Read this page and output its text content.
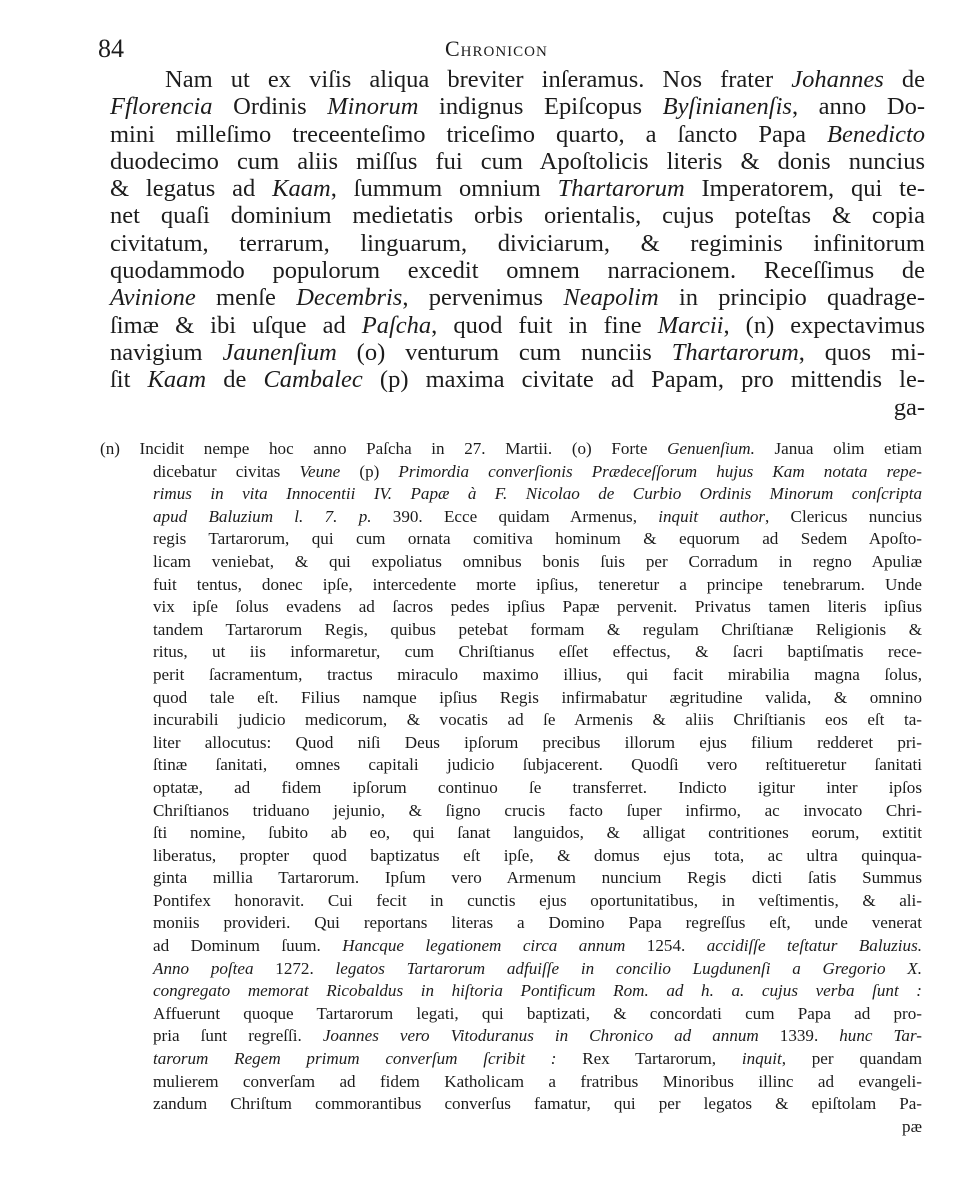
84	Chronicon
Nam ut ex viſis aliqua breviter inſeramus. Nos frater Johannes de
Fflorencia Ordinis Minorum indignus Epiſcopus Byſinianenſis, anno Do-
mini milleſimo treceenteſimo triceſimo quarto, a ſancto Papa Benedicto
duodecimo cum aliis miſſus fui cum Apoſtolicis literis & donis nuncius
& legatus ad Kaam, ſummum omnium Thartarorum Imperatorem, qui te-
net quaſi dominium medietatis orbis orientalis, cujus poteſtas & copia
civitatum, terrarum, linguarum, diviciarum, & regiminis infinitorum
quodammodo populorum excedit omnem narracionem. Receſſimus de
Avinione menſe Decembris, pervenimus Neapolim in principio quadrage-
ſimæ & ibi uſque ad Paſcha, quod fuit in fine Marcii, (n) expectavimus
navigium Jaunenſium (o) venturum cum nunciis Thartarorum, quos mi-
ſit Kaam de Cambalec (p) maxima civitate ad Papam, pro mittendis le-
ga-
(n) Incidit nempe hoc anno Paſcha in 27. Martii. (o) Forte Genuenſium. Janua olim etiam
dicebatur civitas Veune (p) Primordia converſionis Prædeceſſorum hujus Kam notata repe-
rimus in vita Innocentii IV. Papæ à F. Nicolao de Curbio Ordinis Minorum conſcripta
apud Baluzium l. 7. p. 390. Ecce quidam Armenus, inquit author, Clericus nuncius
regis Tartarorum, qui cum ornata comitiva hominum & equorum ad Sedem Apoſto-
licam veniebat, & qui expoliatus omnibus bonis ſuis per Corradum in regno Apuliæ
fuit tentus, donec ipſe, intercedente morte ipſius, teneretur a principe tenebrarum. Unde
vix ipſe ſolus evadens ad ſacros pedes ipſius Papæ pervenit. Privatus tamen literis ipſius
tandem Tartarorum Regis, quibus petebat formam & regulam Chriſtianæ Religionis &
ritus, ut iis informaretur, cum Chriſtianus eſſet effectus, & ſacri baptiſmatis rece-
perit ſacramentum, tractus miraculo maximo illius, qui facit mirabilia magna ſolus,
quod tale eſt. Filius namque ipſius Regis infirmabatur ægritudine valida, & omnino
incurabili judicio medicorum, & vocatis ad ſe Armenis & aliis Chriſtianis eos eſt ta-
liter allocutus: Quod niſi Deus ipſorum precibus illorum ejus filium redderet pri-
ſtinæ ſanitati, omnes capitali judicio ſubjacerent. Quodſi vero reſtitueretur ſanitati
optatæ, ad fidem ipſorum continuo ſe transferret. Indicto igitur inter ipſos
Chriſtianos triduano jejunio, & ſigno crucis facto ſuper infirmo, ac invocato Chri-
ſti nomine, ſubito ab eo, qui ſanat languidos, & alligat contritiones eorum, extitit
liberatus, propter quod baptizatus eſt ipſe, & domus ejus tota, ac ultra quinqua-
ginta millia Tartarorum. Ipſum vero Armenum nuncium Regis dicti ſatis Summus
Pontifex honoravit. Cui fecit in cunctis ejus oportunitatibus, in veſtimentis, & ali-
moniis provideri. Qui reportans literas a Domino Papa regreſſus eſt, unde venerat
ad Dominum ſuum. Hancque legationem circa annum 1254. accidiſſe teſtatur Baluzius.
Anno poſtea 1272. legatos Tartarorum adfuiſſe in concilio Lugdunenſi a Gregorio X.
congregato memorat Ricobaldus in hiſtoria Pontificum Rom. ad h. a. cujus verba ſunt :
Affuerunt quoque Tartarorum legati, qui baptizati, & concordati cum Papa ad pro-
pria ſunt regreſſi. Joannes vero Vitoduranus in Chronico ad annum 1339. hunc Tar-
tarorum Regem primum converſum ſcribit : Rex Tartarorum, inquit, per quandam
mulierem converſam ad fidem Katholicam a fratribus Minoribus illinc ad evangeli-
zandum Chriſtum commorantibus converſus famatur, qui per legatos & epiſtolam Pa-
pæ
